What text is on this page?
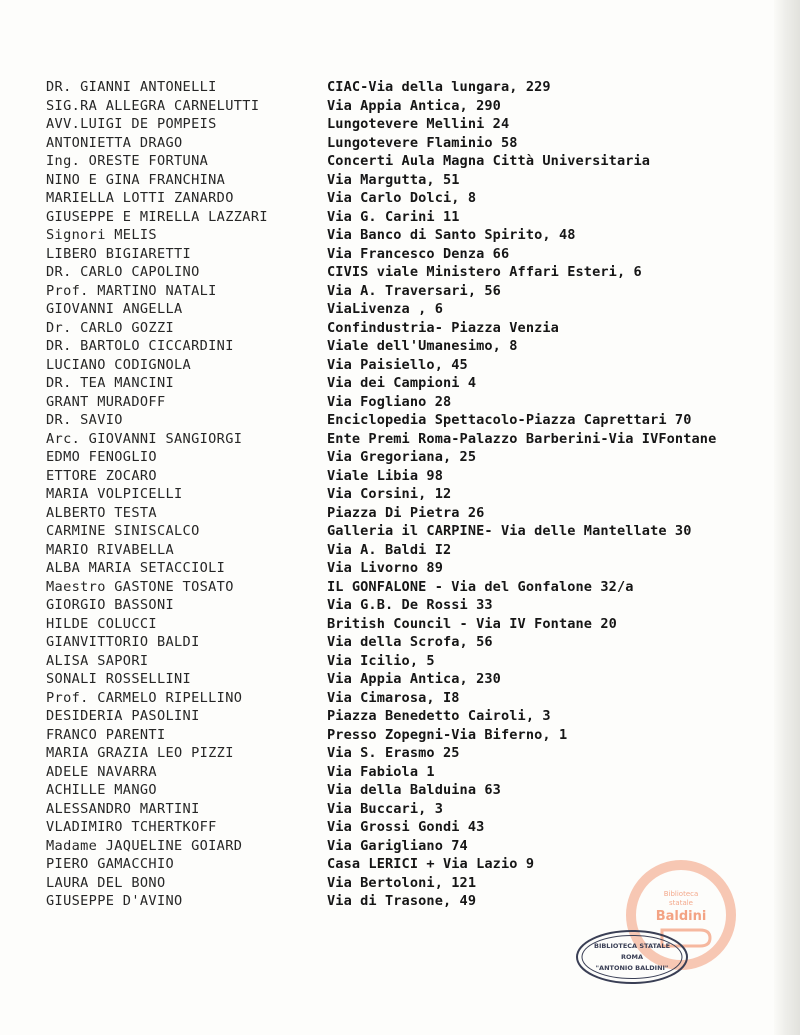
DR. GIANNI ANTONELLI	CIAC-Via della lungara, 229
SIG.RA ALLEGRA CARNELUTTI	Via Appia Antica, 290
AVV.LUIGI DE POMPEIS	Lungotevere Mellini 24
ANTONIETTA DRAGO	Lungotevere Flaminio 58
Ing. ORESTE FORTUNA	Concerti Aula Magna Città Universitaria
NINO E GINA FRANCHINA	Via Margutta, 51
MARIELLA LOTTI ZANARDO	Via Carlo Dolci, 8
GIUSEPPE E MIRELLA LAZZARI	Via G. Carini 11
Signori MELIS	Via Banco di Santo Spirito, 48
LIBERO BIGIARETTI	Via Francesco Denza 66
DR. CARLO CAPOLINO	CIVIS viale Ministero Affari Esteri, 6
Prof. MARTINO NATALI	Via A. Traversari, 56
GIOVANNI ANGELLA	ViaLivenza , 6
Dr. CARLO GOZZI	Confindustria- Piazza Venzia
DR. BARTOLO CICCARDINI	Viale dell'Umanesimo, 8
LUCIANO CODIGNOLA	Via Paisiello, 45
DR. TEA MANCINI	Via dei Campioni 4
GRANT MURADOFF	Via Fogliano 28
DR. SAVIO	Enciclopedia Spettacolo-Piazza Caprettari 70
Arc. GIOVANNI SANGIORGI	Ente Premi Roma-Palazzo Barberini-Via IVFontane
EDMO FENOGLIO	Via Gregoriana, 25
ETTORE ZOCARO	Viale Libia 98
MARIA VOLPICELLI	Via Corsini, 12
ALBERTO TESTA	Piazza Di Pietra 26
CARMINE SINISCALCO	Galleria il CARPINE- Via delle Mantellate 30
MARIO RIVABELLA	Via A. Baldi I2
ALBA MARIA SETACCIOLI	Via Livorno 89
Maestro GASTONE TOSATO	IL GONFALONE - Via del Gonfalone 32/a
GIORGIO BASSONI	Via G.B. De Rossi 33
HILDE COLUCCI	British Council - Via IV Fontane 20
GIANVITTORIO BALDI	Via della Scrofa, 56
ALISA SAPORI	Via Icilio, 5
SONALI ROSSELLINI	Via Appia Antica, 230
Prof. CARMELO RIPELLINO	Via Cimarosa, I8
DESIDERIA PASOLINI	Piazza Benedetto Cairoli, 3
FRANCO PARENTI	Presso Zopegni-Via Biferno, 1
MARIA GRAZIA LEO PIZZI	Via S. Erasmo 25
ADELE NAVARRA	Via Fabiola 1
ACHILLE MANGO	Via della Balduina 63
ALESSANDRO MARTINI	Via Buccari, 3
VLADIMIRO TCHERTKOFF	Via Grossi Gondi 43
Madame JAQUELINE GOIARD	Via Garigliano 74
PIERO GAMACCHIO	Casa LERICI + Via Lazio 9
LAURA DEL BONO	Via Bertoloni, 121
GIUSEPPE D'AVINO	Via di Trasone, 49	Biblioteca
statale
Baldini
BIBLIOTECA STATALE
ROMA
"ANTONIO BALDINI"
